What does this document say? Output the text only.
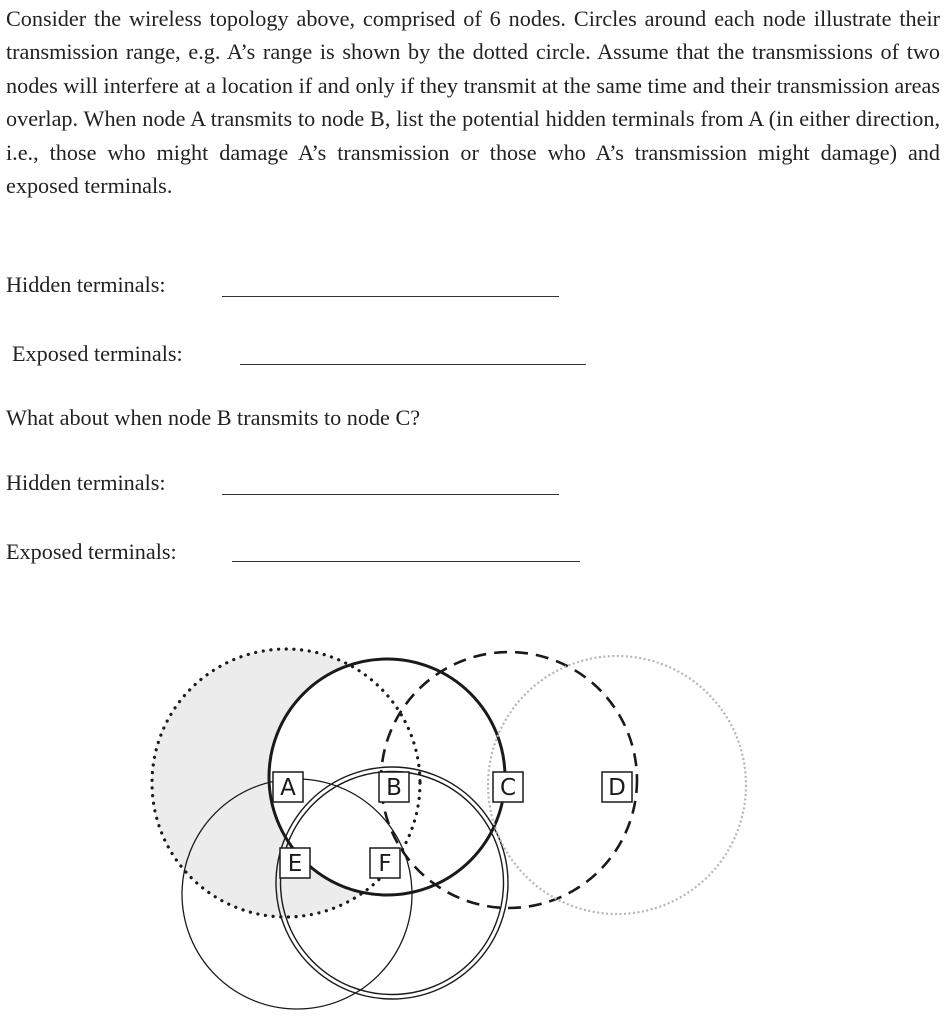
Consider the wireless topology above, comprised of 6 nodes. Circles around each node illustrate their transmission range, e.g. A’s range is shown by the dotted circle. Assume that the transmissions of two nodes will interfere at a location if and only if they transmit at the same time and their transmission areas overlap. When node A transmits to node B, list the potential hidden terminals from A (in either direction, i.e., those who might damage A’s transmission or those who A’s transmission might damage) and exposed terminals.

Hidden terminals:
Exposed terminals:
What about when node B transmits to node C?
Hidden terminals:
Exposed terminals:
A	B	C	D
E	F
